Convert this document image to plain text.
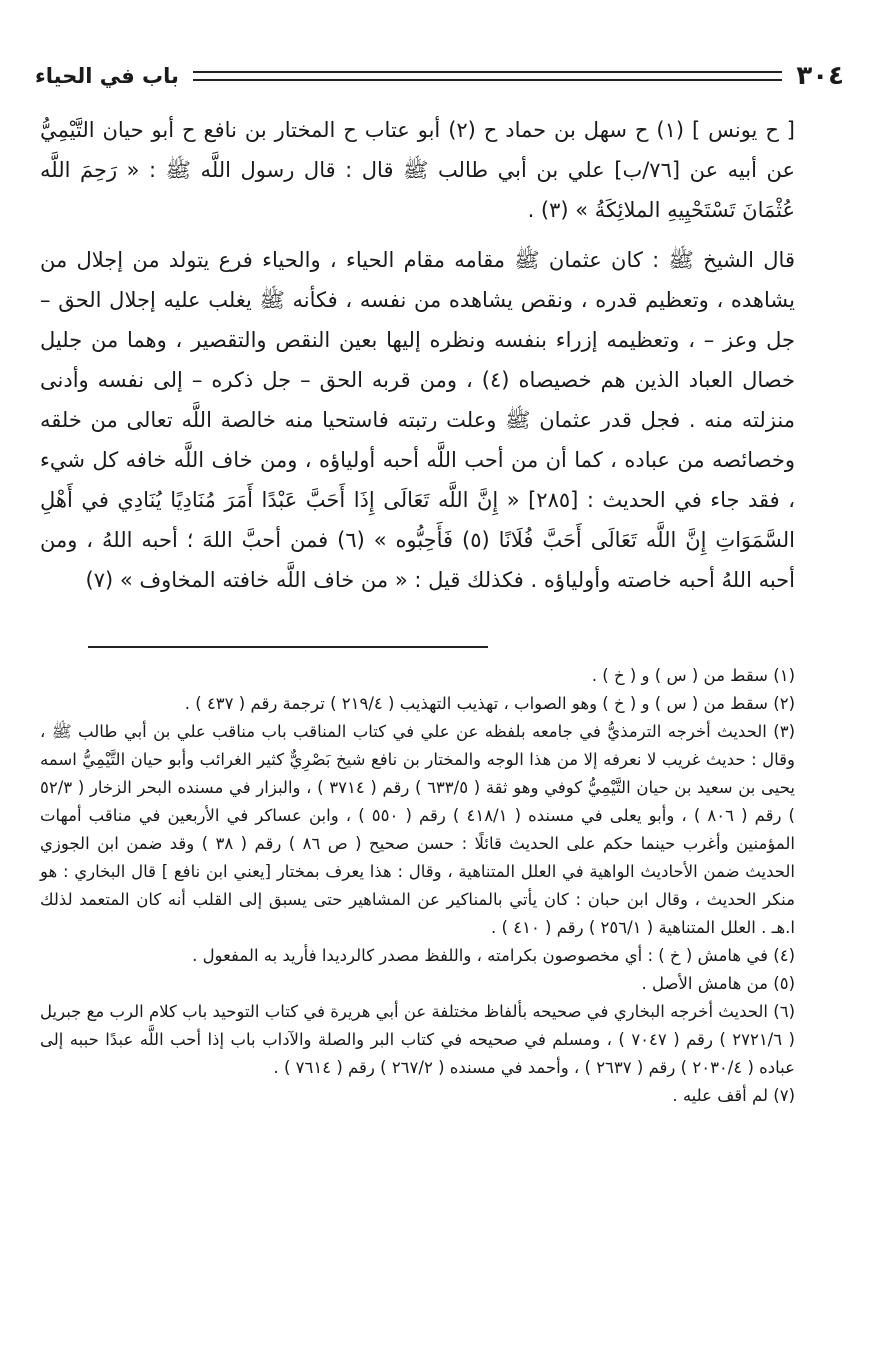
٣٠٤
باب في الحياء

[ ح يونس ] (١) ح سهل بن حماد ح (٢) أبو عتاب ح المختار بن نافع ح أبو حيان التَّيْمِيُّ عن أبيه عن [٧٦/ب] علي بن أبي طالب ﷺ قال : قال رسول اللَّه ﷺ : « رَحِمَ اللَّه عُثْمَانَ تَسْتَحْيِيهِ الملائِكَةُ » (٣) .

قال الشيخ ﷺ : كان عثمان ﷺ مقامه مقام الحياء ، والحياء فرع يتولد من إجلال من يشاهده ، وتعظيم قدره ، ونقص يشاهده من نفسه ، فكأنه ﷺ يغلب عليه إجلال الحق – جل وعز – ، وتعظيمه إزراء بنفسه ونظره إليها بعين النقص والتقصير ، وهما من جليل خصال العباد الذين هم خصيصاه (٤) ، ومن قربه الحق – جل ذكره – إلى نفسه وأدنى منزلته منه . فجل قدر عثمان ﷺ وعلت رتبته فاستحيا منه خالصة اللَّه تعالى من خلقه وخصائصه من عباده ، كما أن من أحب اللَّه أحبه أولياؤه ، ومن خاف اللَّه خافه كل شيء ، فقد جاء في الحديث : [٢٨٥] « إِنَّ اللَّه تَعَالَى إِذَا أَحَبَّ عَبْدًا أَمَرَ مُنَادِيًا يُنَادِي في أَهْلِ السَّمَوَاتِ إِنَّ اللَّه تَعَالَى أَحَبَّ فُلَانًا (٥) فَأَحِبُّوه » (٦) فمن أحبَّ اللهَ ؛ أحبه اللهُ ، ومن أحبه اللهُ أحبه خاصته وأولياؤه . فكذلك قيل : « من خاف اللَّه خافته المخاوف » (٧)

(١) سقط من ( س ) و ( خ ) .

(٢) سقط من ( س ) و ( خ ) وهو الصواب ، تهذيب التهذيب ( ٢١٩/٤ ) ترجمة رقم ( ٤٣٧ ) .

(٣) الحديث أخرجه الترمذيُّ في جامعه بلفظه عن علي في كتاب المناقب باب مناقب علي بن أبي طالب ﷺ ، وقال : حديث غريب لا نعرفه إلا من هذا الوجه والمختار بن نافع شيخ بَصْرِيٌّ كثير الغرائب وأبو حيان التَّيْمِيُّ اسمه يحيى بن سعيد بن حيان التَّيْمِيُّ كوفي وهو ثقة ( ٦٣٣/٥ ) رقم ( ٣٧١٤ ) ، والبزار في مسنده البحر الزخار ( ٥٢/٣ ) رقم ( ٨٠٦ ) ، وأبو يعلى في مسنده ( ٤١٨/١ ) رقم ( ٥٥٠ ) ، وابن عساكر في الأربعين في مناقب أمهات المؤمنين وأغرب حينما حكم على الحديث قائلًا : حسن صحيح ( ص ٨٦ ) رقم ( ٣٨ ) وقد ضمن ابن الجوزي الحديث ضمن الأحاديث الواهية في العلل المتناهية ، وقال : هذا يعرف بمختار [يعني ابن نافع ] قال البخاري : هو منكر الحديث ، وقال ابن حبان : كان يأتي بالمناكير عن المشاهير حتى يسبق إلى القلب أنه كان المتعمد لذلك ا.هـ . العلل المتناهية ( ٢٥٦/١ ) رقم ( ٤١٠ ) .

(٤) في هامش ( خ ) : أي مخصوصون بكرامته ، واللفظ مصدر كالرديدا فأريد به المفعول .

(٥) من هامش الأصل .

(٦) الحديث أخرجه البخاري في صحيحه بألفاظ مختلفة عن أبي هريرة في كتاب التوحيد باب كلام الرب مع جبريل ( ٢٧٢١/٦ ) رقم ( ٧٠٤٧ ) ، ومسلم في صحيحه في كتاب البر والصلة والآداب باب إذا أحب اللَّه عبدًا حببه إلى عباده ( ٢٠٣٠/٤ ) رقم ( ٢٦٣٧ ) ، وأحمد في مسنده ( ٢٦٧/٢ ) رقم ( ٧٦١٤ ) .

(٧) لم أقف عليه .
